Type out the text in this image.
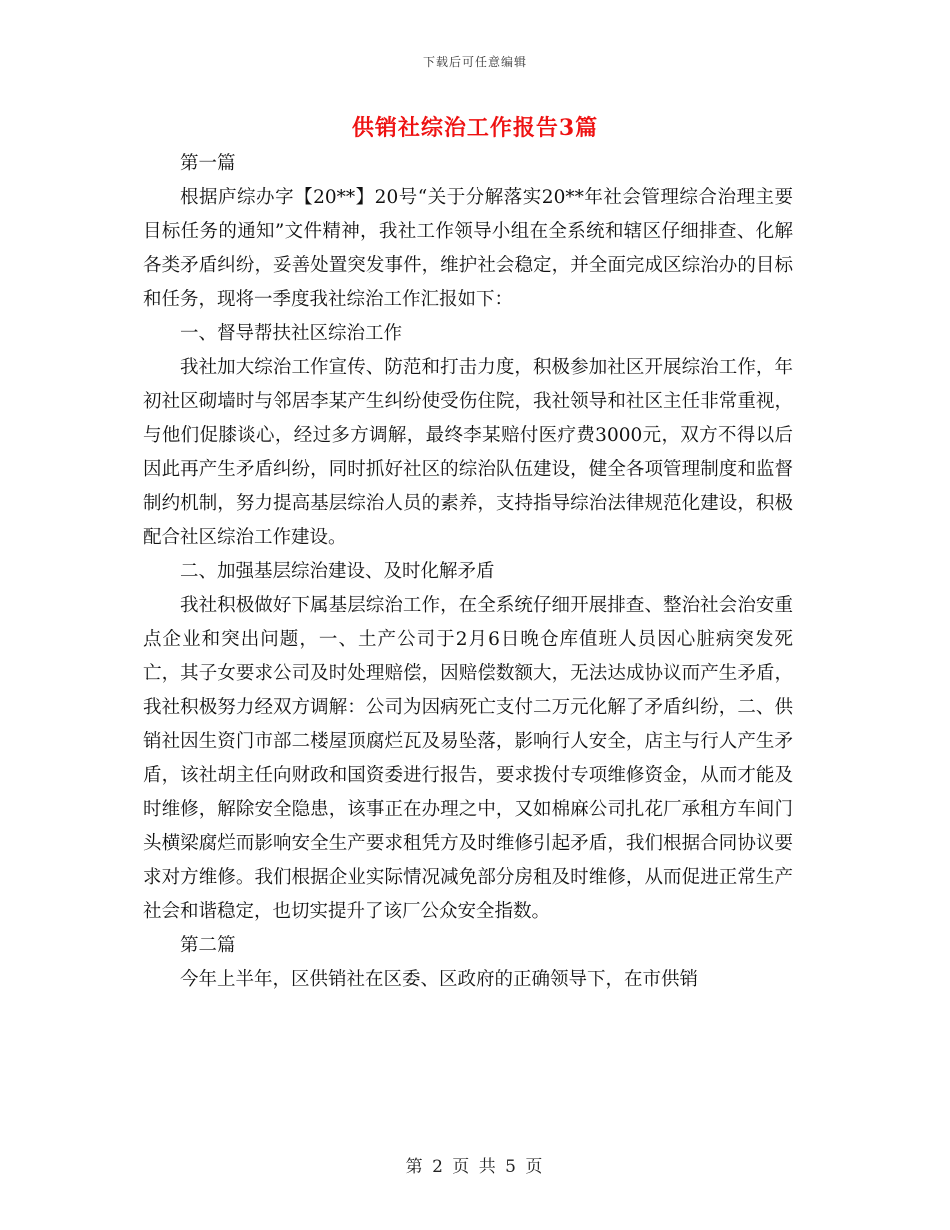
下载后可任意编辑
供销社综治工作报告3篇

第一篇

根据庐综办字【20**】20号“关于分解落实20**年社会管理综合治理主要目标任务的通知”文件精神，我社工作领导小组在全系统和辖区仔细排查、化解各类矛盾纠纷，妥善处置突发事件，维护社会稳定，并全面完成区综治办的目标和任务，现将一季度我社综治工作汇报如下：

一、督导帮扶社区综治工作

我社加大综治工作宣传、防范和打击力度，积极参加社区开展综治工作，年初社区砌墙时与邻居李某产生纠纷使受伤住院，我社领导和社区主任非常重视，与他们促膝谈心，经过多方调解，最终李某赔付医疗费3000元，双方不得以后因此再产生矛盾纠纷，同时抓好社区的综治队伍建设，健全各项管理制度和监督制约机制，努力提高基层综治人员的素养，支持指导综治法律规范化建设，积极配合社区综治工作建设。

二、加强基层综治建设、及时化解矛盾

我社积极做好下属基层综治工作，在全系统仔细开展排查、整治社会治安重点企业和突出问题，一、土产公司于2月6日晚仓库值班人员因心脏病突发死亡，其子女要求公司及时处理赔偿，因赔偿数额大，无法达成协议而产生矛盾，我社积极努力经双方调解：公司为因病死亡支付二万元化解了矛盾纠纷，二、供销社因生资门市部二楼屋顶腐烂瓦及易坠落，影响行人安全，店主与行人产生矛盾，该社胡主任向财政和国资委进行报告，要求拨付专项维修资金，从而才能及时维修，解除安全隐患，该事正在办理之中，又如棉麻公司扎花厂承租方车间门头横梁腐烂而影响安全生产要求租凭方及时维修引起矛盾，我们根据合同协议要求对方维修。我们根据企业实际情况减免部分房租及时维修，从而促进正常生产社会和谐稳定，也切实提升了该厂公众安全指数。

第二篇

今年上半年，区供销社在区委、区政府的正确领导下，在市供销

第 2 页 共 5 页
